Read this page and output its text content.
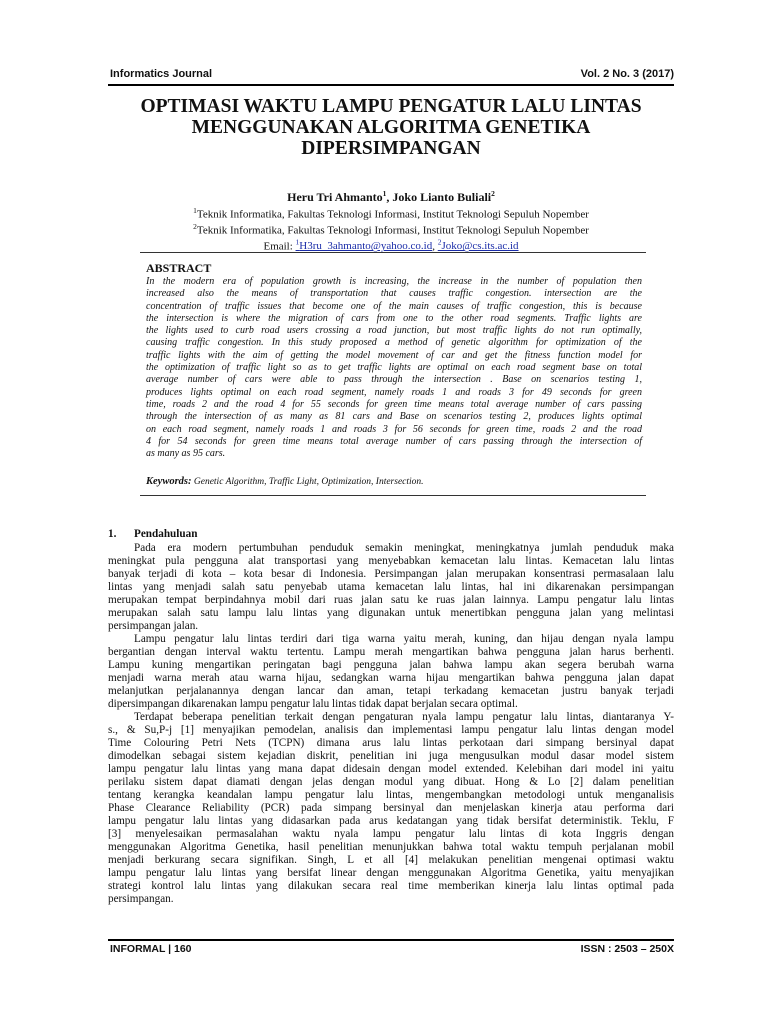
Informatics Journal	Vol. 2 No. 3 (2017)
OPTIMASI WAKTU LAMPU PENGATUR LALU LINTAS
MENGGUNAKAN ALGORITMA GENETIKA
DIPERSIMPANGAN
Heru Tri Ahmanto$^1$, Joko Lianto Buliali$^2$
$^1$Teknik Informatika, Fakultas Teknologi Informasi, Institut Teknologi Sepuluh Nopember
$^2$Teknik Informatika, Fakultas Teknologi Informasi, Institut Teknologi Sepuluh Nopember
Email: $^1$H3ru_3ahmanto@yahoo.co.id, $^2$Joko@cs.its.ac.id
ABSTRACT
In the modern era of population growth is increasing, the increase in the number of population then
increased also the means of transportation that causes traffic congestion. intersection are the
concentration of traffic issues that become one of the main causes of traffic congestion, this is because
the intersection is where the migration of cars from one to the other road segments. Traffic lights are
the lights used to curb road users crossing a road junction, but most traffic lights do not run optimally,
causing traffic congestion. In this study proposed a method of genetic algorithm for optimization of the
traffic lights with the aim of getting the model movement of car and get the fitness function model for
the optimization of traffic light so as to get traffic lights are optimal on each road segment base on total
average number of cars were able to pass through the intersection . Base on scenarios testing 1,
produces lights optimal on each road segment, namely roads 1 and roads 3 for 49 seconds for green
time, roads 2 and the road 4 for 55 seconds for green time means total average number of cars passing
through the intersection of as many as 81 cars and Base on scenarios testing 2, produces lights optimal
on each road segment, namely roads 1 and roads 3 for 56 seconds for green time, roads 2 and the road
4 for 54 seconds for green time means total average number of cars passing through the intersection of
as many as 95 cars.
Keywords: Genetic Algorithm, Traffic Light, Optimization, Intersection.
1. Pendahuluan
Pada era modern pertumbuhan penduduk semakin meningkat, meningkatnya jumlah penduduk maka
meningkat pula pengguna alat transportasi yang menyebabkan kemacetan lalu lintas. Kemacetan lalu lintas
banyak terjadi di kota – kota besar di Indonesia. Persimpangan jalan merupakan konsentrasi permasalaan lalu
lintas yang menjadi salah satu penyebab utama kemacetan lalu lintas, hal ini dikarenakan persimpangan
merupakan tempat berpindahnya mobil dari ruas jalan satu ke ruas jalan lainnya. Lampu pengatur lalu lintas
merupakan salah satu lampu lalu lintas yang digunakan untuk menertibkan pengguna jalan yang melintasi
persimpangan jalan.
Lampu pengatur lalu lintas terdiri dari tiga warna yaitu merah, kuning, dan hijau dengan nyala lampu
bergantian dengan interval waktu tertentu. Lampu merah mengartikan bahwa pengguna jalan harus berhenti.
Lampu kuning mengartikan peringatan bagi pengguna jalan bahwa lampu akan segera berubah warna
menjadi warna merah atau warna hijau, sedangkan warna hijau mengartikan bahwa pengguna jalan dapat
melanjutkan perjalanannya dengan lancar dan aman, tetapi terkadang kemacetan justru banyak terjadi
dipersimpangan dikarenakan lampu pengatur lalu lintas tidak dapat berjalan secara optimal.
Terdapat beberapa penelitian terkait dengan pengaturan nyala lampu pengatur lalu lintas, diantaranya Y-
s., & Su,P-j [1] menyajikan pemodelan, analisis dan implementasi lampu pengatur lalu lintas dengan model
Time Colouring Petri Nets (TCPN) dimana arus lalu lintas perkotaan dari simpang bersinyal dapat
dimodelkan sebagai sistem kejadian diskrit, penelitian ini juga mengusulkan modul dasar model sistem
lampu pengatur lalu lintas yang mana dapat didesain dengan model extended. Kelebihan dari model ini yaitu
perilaku sistem dapat diamati dengan jelas dengan modul yang dibuat. Hong & Lo [2] dalam penelitian
tentang kerangka keandalan lampu pengatur lalu lintas, mengembangkan metodologi untuk menganalisis
Phase Clearance Reliability (PCR) pada simpang bersinyal dan menjelaskan kinerja atau performa dari
lampu pengatur lalu lintas yang didasarkan pada arus kedatangan yang tidak bersifat deterministik. Teklu, F
[3] menyelesaikan permasalahan waktu nyala lampu pengatur lalu lintas di kota Inggris dengan
menggunakan Algoritma Genetika, hasil penelitian menunjukkan bahwa total waktu tempuh perjalanan mobil
menjadi berkurang secara signifikan. Singh, L et all [4] melakukan penelitian mengenai optimasi waktu
lampu pengatur lalu lintas yang bersifat linear dengan menggunakan Algoritma Genetika, yaitu menyajikan
strategi kontrol lalu lintas yang dilakukan secara real time memberikan kinerja lalu lintas optimal pada
persimpangan.
INFORMAL | 160	ISSN : 2503 – 250X
